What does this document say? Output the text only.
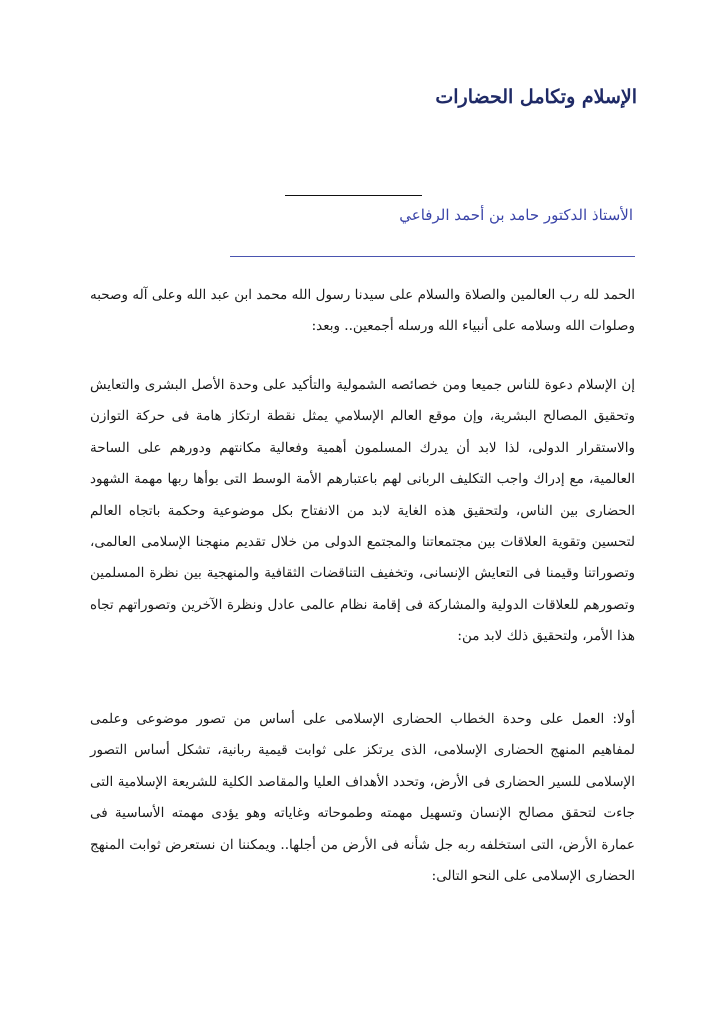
الإسلام وتكامل الحضارات

الأستاذ الدكتور حامد بن أحمد الرفاعي

الحمد لله رب العالمين والصلاة والسلام على سيدنا رسول الله محمد ابن عبد الله وعلى آله وصحبه وصلوات الله وسلامه على أنبياء الله ورسله أجمعين.. وبعد:

إن الإسلام دعوة للناس جميعا ومن خصائصه الشمولية والتأكيد على وحدة الأصل البشرى والتعايش وتحقيق المصالح البشرية، وإن موقع العالم الإسلامي يمثل نقطة ارتكاز هامة فى حركة التوازن والاستقرار الدولى، لذا لابد أن يدرك المسلمون أهمية وفعالية مكانتهم ودورهم على الساحة العالمية، مع إدراك واجب التكليف الربانى لهم باعتبارهم الأمة الوسط التى بوأها ربها مهمة الشهود الحضارى بين الناس، ولتحقيق هذه الغاية لابد من الانفتاح بكل موضوعية وحكمة باتجاه العالم لتحسين وتقوية العلاقات بين مجتمعاتنا والمجتمع الدولى من خلال تقديم منهجنا الإسلامى العالمى، وتصوراتنا وقيمنا فى التعايش الإنسانى، وتخفيف التناقضات الثقافية والمنهجية بين نظرة المسلمين وتصورهم للعلاقات الدولية والمشاركة فى إقامة نظام عالمى عادل ونظرة الآخرين وتصوراتهم تجاه هذا الأمر، ولتحقيق ذلك لابد من:

أولا: العمل على وحدة الخطاب الحضارى الإسلامى على أساس من تصور موضوعى وعلمى لمفاهيم المنهج الحضارى الإسلامى، الذى يرتكز على ثوابت قيمية ربانية، تشكل أساس التصور الإسلامى للسير الحضارى فى الأرض، وتحدد الأهداف العليا والمقاصد الكلية للشريعة الإسلامية التى جاءت لتحقق مصالح الإنسان وتسهيل مهمته وطموحاته وغاياته وهو يؤدى مهمته الأساسية فى عمارة الأرض، التى استخلفه ربه جل شأنه فى الأرض من أجلها.. ويمكننا ان نستعرض ثوابت المنهج الحضارى الإسلامى على النحو التالى:
